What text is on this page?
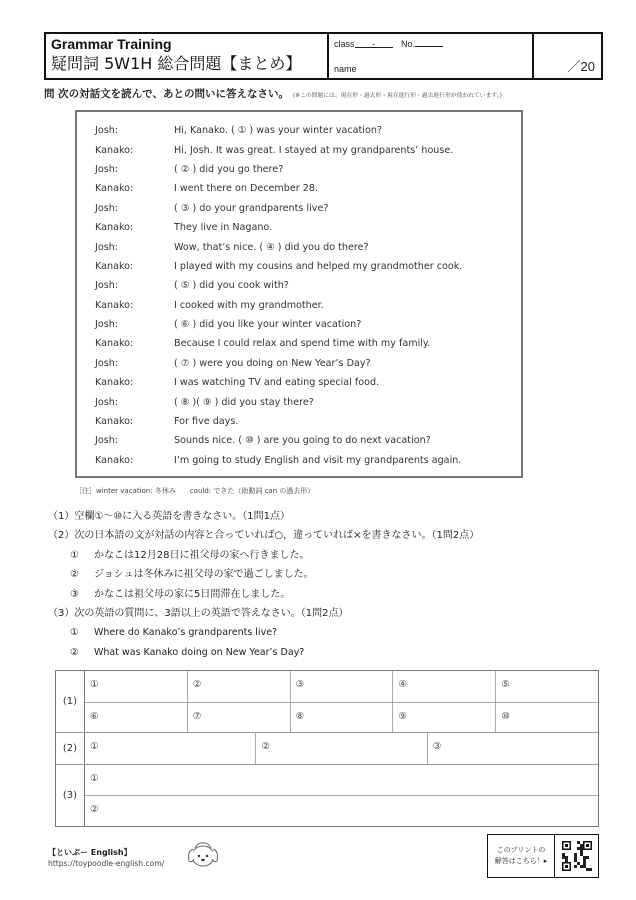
Grammar Training
疑問詞 5W1H 総合問題【まとめ】
class -	No.
name	／20
問 次の対話文を読んで、あとの問いに答えなさい。 (※この問題には、現在形・過去形・現在進行形・過去進行形が使われています。)
Josh:	Hi, Kanako. ( ① ) was your winter vacation?
Kanako:	Hi, Josh. It was great. I stayed at my grandparents’ house.
Josh:	( ② ) did you go there?
Kanako:	I went there on December 28.
Josh:	( ③ ) do your grandparents live?
Kanako:	They live in Nagano.
Josh:	Wow, that’s nice. ( ④ ) did you do there?
Kanako:	I played with my cousins and helped my grandmother cook.
Josh:	( ⑤ ) did you cook with?
Kanako:	I cooked with my grandmother.
Josh:	( ⑥ ) did you like your winter vacation?
Kanako:	Because I could relax and spend time with my family.
Josh:	( ⑦ ) were you doing on New Year’s Day?
Kanako:	I was watching TV and eating special food.
Josh:	( ⑧ )( ⑨ ) did you stay there?
Kanako:	For five days.
Josh:	Sounds nice. ( ⑩ ) are you going to do next vacation?
Kanako:	I’m going to study English and visit my grandparents again.
［注］winter vacation: 冬休み　　could: できた（助動詞 can の過去形）
（1）空欄①～⑩に入る英語を書きなさい。（1問1点）
（2）次の日本語の文が対話の内容と合っていれば○，違っていれば×を書きなさい。（1問2点）
①	かなこは12月28日に祖父母の家へ行きました。
②	ジョシュは冬休みに祖父母の家で過ごしました。
③	かなこは祖父母の家に5日間滞在しました。
（3）次の英語の質問に、3語以上の英語で答えなさい。（1問2点）
①	Where do Kanako’s grandparents live?
②	What was Kanako doing on New Year’s Day?
(1)
①	②	③	④	⑤
⑥	⑦	⑧	⑨	⑩
(2)	①	②	③
(3)
①
②
【といぷー English】
https://toypoodle-english.com/
このプリントの
解答はこちら！▸
